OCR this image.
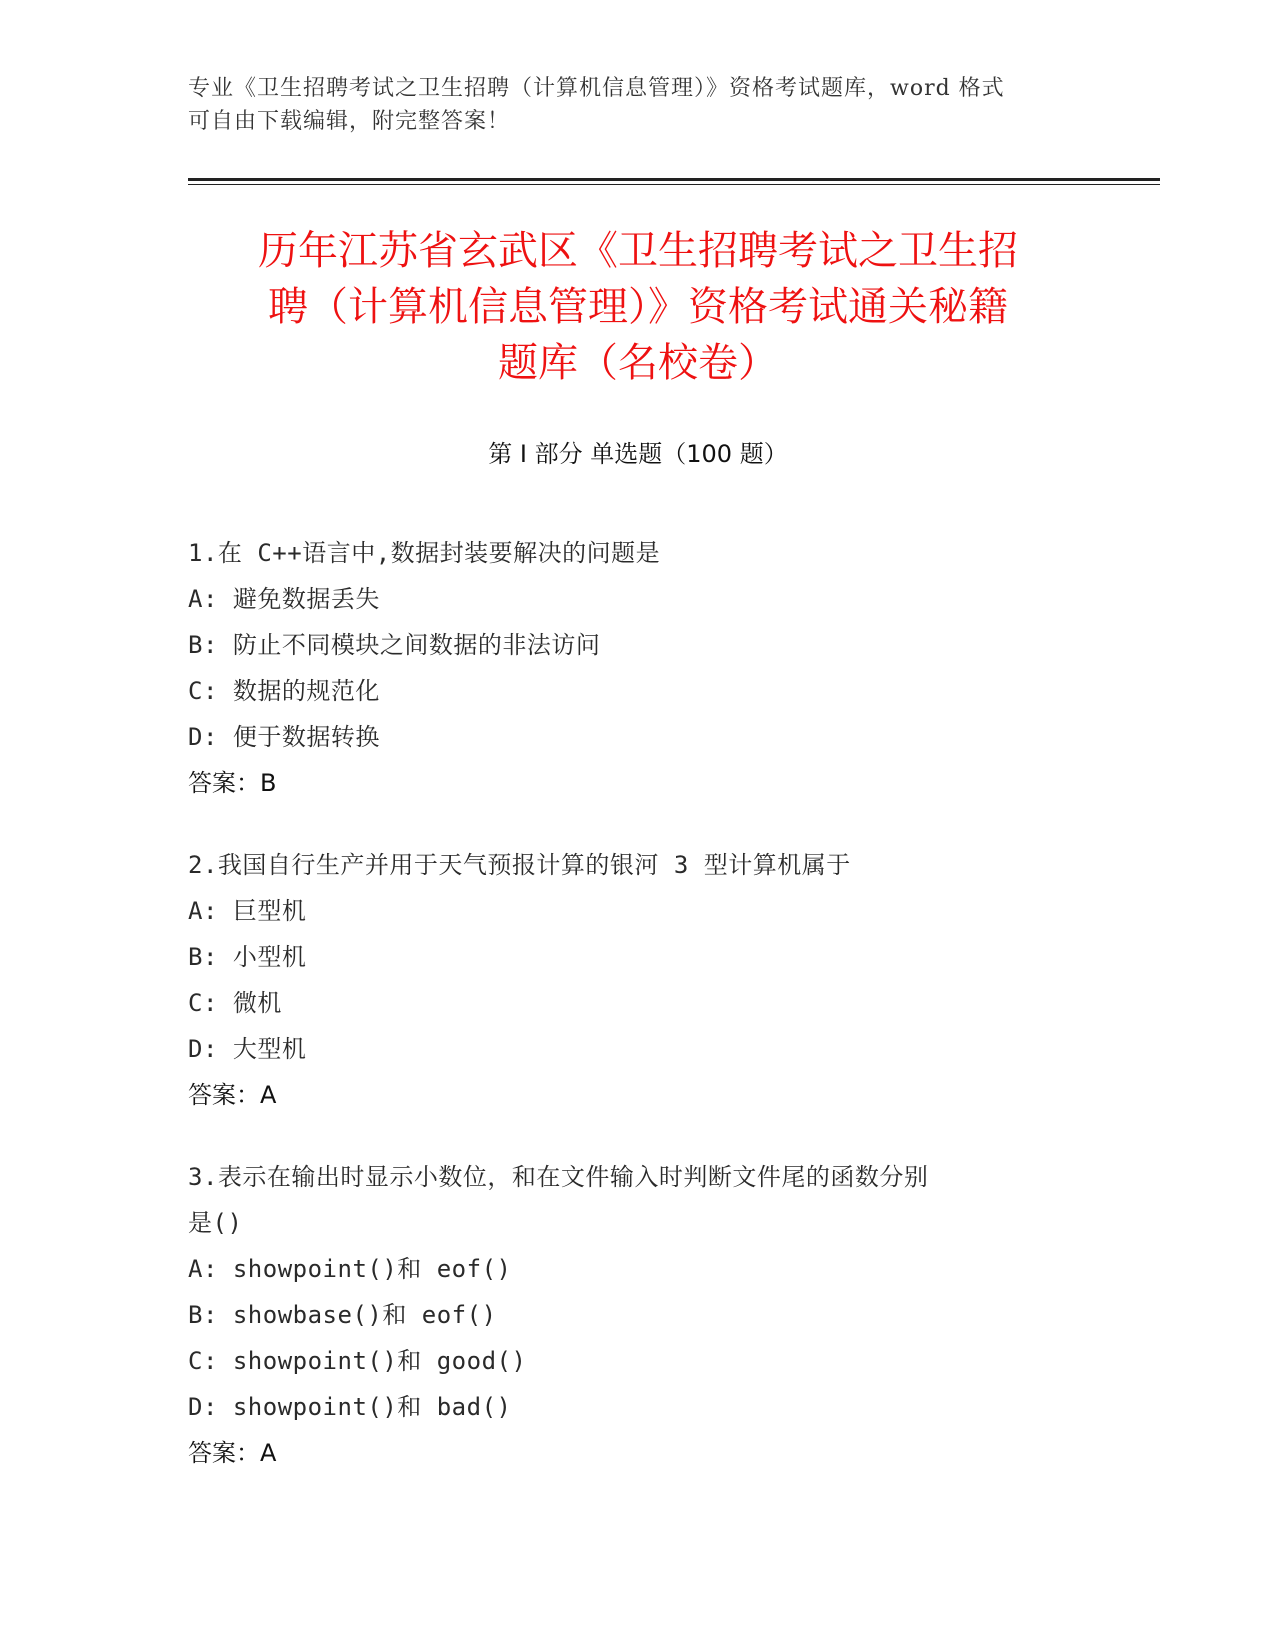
专业《卫生招聘考试之卫生招聘（计算机信息管理）》资格考试题库，word 格式
可自由下载编辑，附完整答案！
历年江苏省玄武区《卫生招聘考试之卫生招
聘（计算机信息管理）》资格考试通关秘籍
题库（名校卷）
第 I 部分 单选题（100 题）
1.在 C++语言中,数据封装要解决的问题是
A: 避免数据丢失
B: 防止不同模块之间数据的非法访问
C: 数据的规范化
D: 便于数据转换
答案：B
2.我国自行生产并用于天气预报计算的银河 3 型计算机属于
A: 巨型机
B: 小型机
C: 微机
D: 大型机
答案：A
3.表示在输出时显示小数位，和在文件输入时判断文件尾的函数分别
是()
A: showpoint()和 eof()
B: showbase()和 eof()
C: showpoint()和 good()
D: showpoint()和 bad()
答案：A
